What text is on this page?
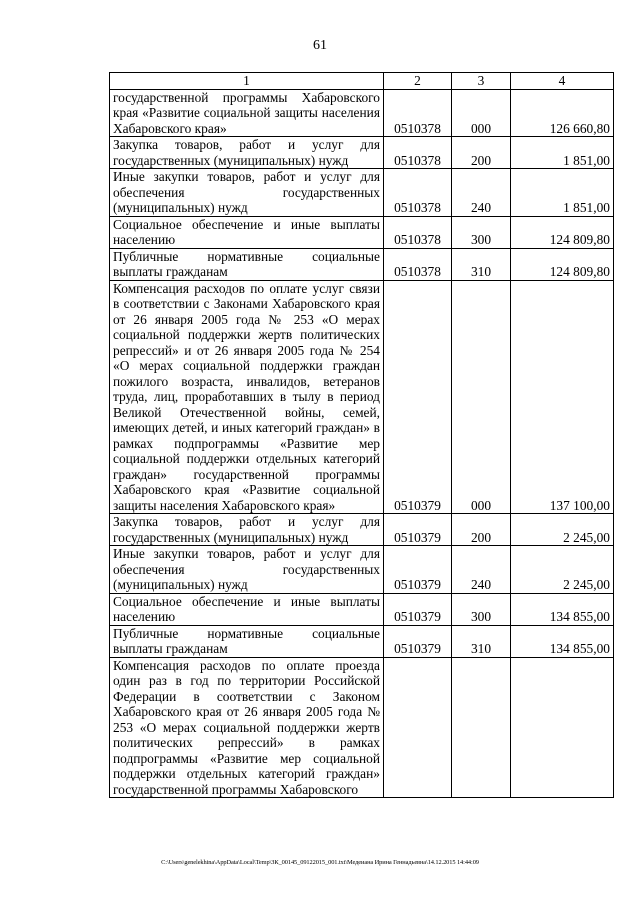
61
1	2	3	4
государственной программы Хабаровского края «Развитие социальной защиты населения Хабаровского края»	0510378	000	126 660,80
Закупка товаров, работ и услуг для государственных (муниципальных) нужд	0510378	200	1 851,00
Иные закупки товаров, работ и услуг для обеспечения государственных (муниципальных) нужд	0510378	240	1 851,00
Социальное обеспечение и иные выплаты населению	0510378	300	124 809,80
Публичные нормативные социальные выплаты гражданам	0510378	310	124 809,80
Компенсация расходов по оплате услуг связи в соответствии с Законами Хабаровского края от 26 января 2005 года № 253 «О мерах социальной поддержки жертв политических репрессий» и от 26 января 2005 года № 254 «О мерах социальной поддержки граждан пожилого возраста, инвалидов, ветеранов труда, лиц, проработавших в тылу в период Великой Отечественной войны, семей, имеющих детей, и иных категорий граждан» в рамках подпрограммы «Развитие мер социальной поддержки отдельных категорий граждан» государственной программы Хабаровского края «Развитие социальной защиты населения Хабаровского края»	0510379	000	137 100,00
Закупка товаров, работ и услуг для государственных (муниципальных) нужд	0510379	200	2 245,00
Иные закупки товаров, работ и услуг для обеспечения государственных (муниципальных) нужд	0510379	240	2 245,00
Социальное обеспечение и иные выплаты населению	0510379	300	134 855,00
Публичные нормативные социальные выплаты гражданам	0510379	310	134 855,00
Компенсация расходов по оплате проезда один раз в год по территории Российской Федерации в соответствии с Законом Хабаровского края от 26 января 2005 года № 253 «О мерах социальной поддержки жертв политических репрессий» в рамках подпрограммы «Развитие мер социальной поддержки отдельных категорий граждан» государственной программы Хабаровского			
C:\Users\genelekhina\AppData\Local\Temp\ЗК_00145_09122015_001.txt\Медеиана Ирина Геннадьевна\14.12.2015 14:44:09
